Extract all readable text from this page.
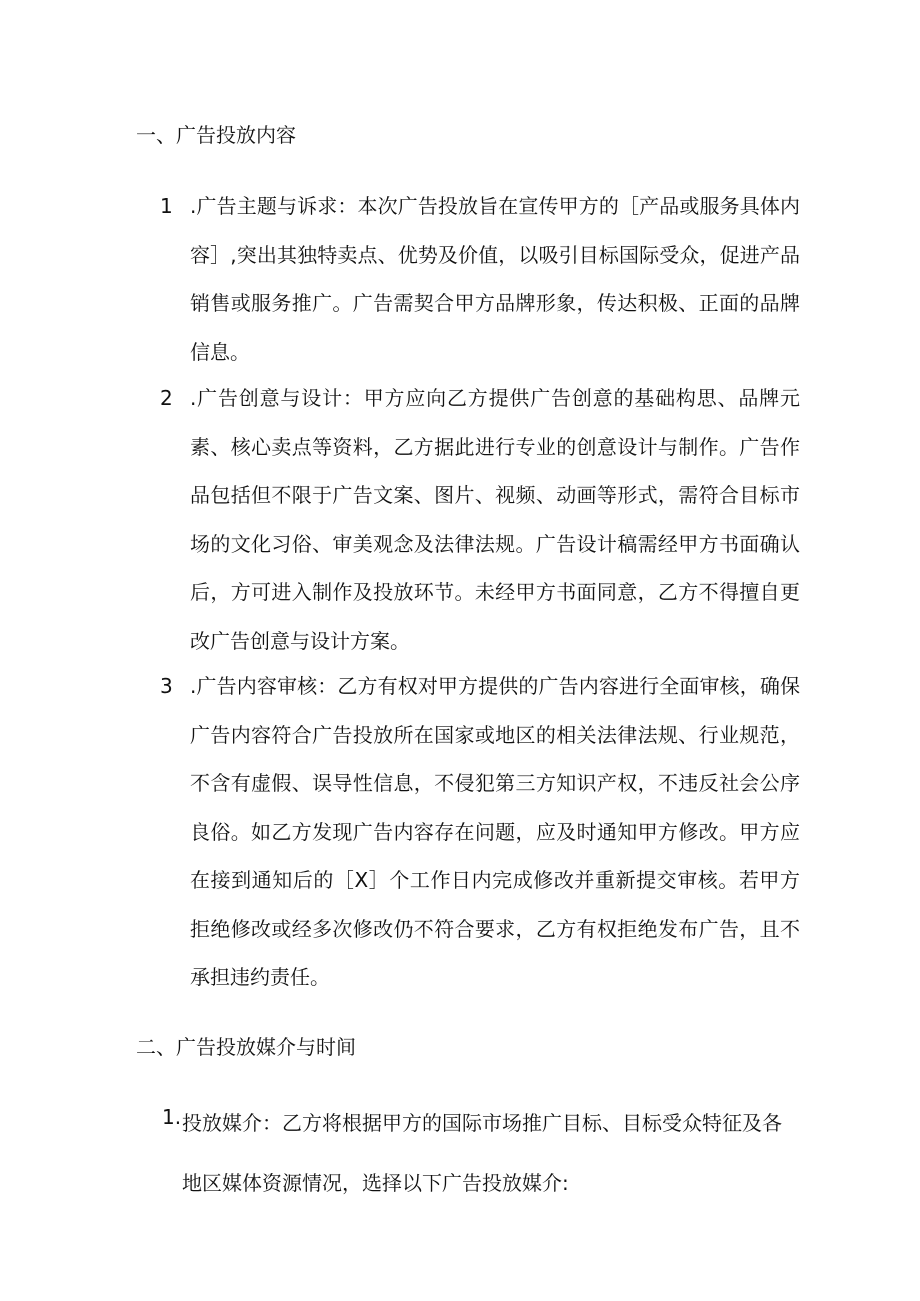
一、广告投放内容
1 .广告主题与诉求：本次广告投放旨在宣传甲方的［产品或服务具体内容］,突出其独特卖点、优势及价值，以吸引目标国际受众，促进产品销售或服务推广。广告需契合甲方品牌形象，传达积极、正面的品牌信息。
2 .广告创意与设计：甲方应向乙方提供广告创意的基础构思、品牌元素、核心卖点等资料，乙方据此进行专业的创意设计与制作。广告作品包括但不限于广告文案、图片、视频、动画等形式，需符合目标市场的文化习俗、审美观念及法律法规。广告设计稿需经甲方书面确认后，方可进入制作及投放环节。未经甲方书面同意，乙方不得擅自更改广告创意与设计方案。
3 .广告内容审核：乙方有权对甲方提供的广告内容进行全面审核，确保广告内容符合广告投放所在国家或地区的相关法律法规、行业规范，不含有虚假、误导性信息，不侵犯第三方知识产权，不违反社会公序良俗。如乙方发现广告内容存在问题，应及时通知甲方修改。甲方应在接到通知后的［X］个工作日内完成修改并重新提交审核。若甲方拒绝修改或经多次修改仍不符合要求，乙方有权拒绝发布广告，且不承担违约责任。
二、广告投放媒介与时间
1. 投放媒介：乙方将根据甲方的国际市场推广目标、目标受众特征及各地区媒体资源情况，选择以下广告投放媒介:
